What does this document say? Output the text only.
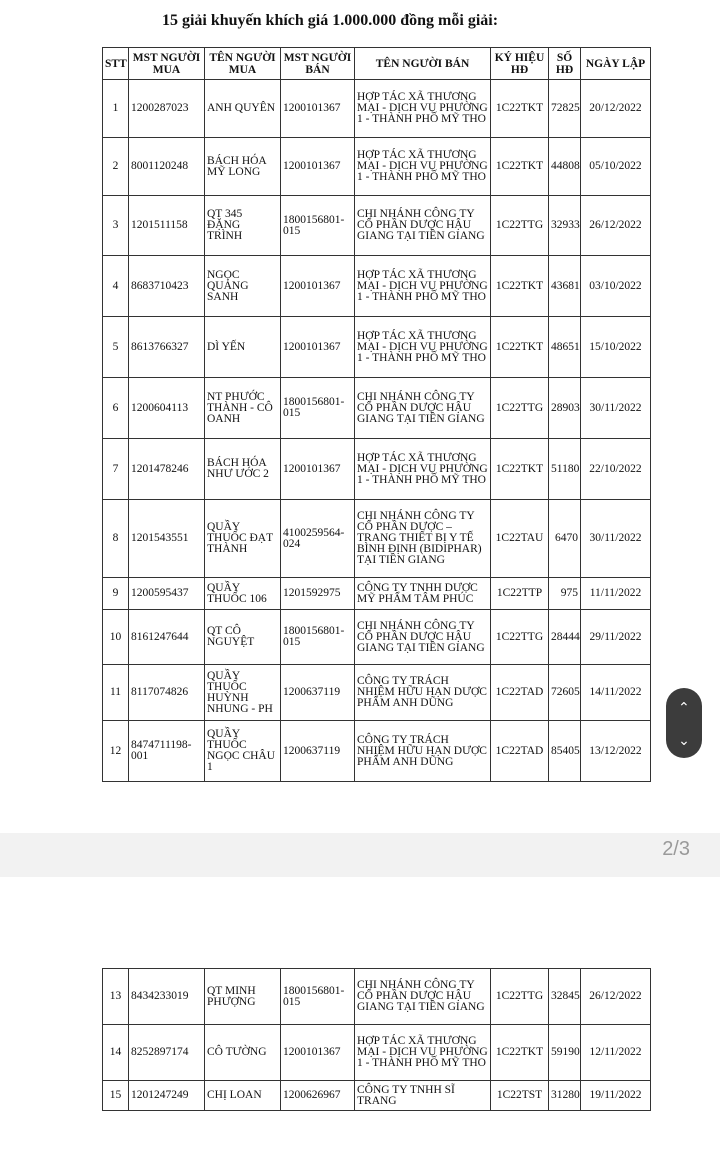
15 giải khuyến khích giá 1.000.000 đồng mỗi giải:
STT	MST NGƯỜI MUA	TÊN NGƯỜI MUA	MST NGƯỜI BÁN	TÊN NGƯỜI BÁN	KÝ HIỆU HĐ	SỐ HĐ	NGÀY LẬP
1	1200287023	ANH QUYÊN	1200101367	HỢP TÁC XÃ THƯƠNG MẠI - DỊCH VỤ PHƯỜNG 1 - THÀNH PHỐ MỸ THO	1C22TKT	72825	20/12/2022
2	8001120248	BÁCH HÓA MỸ LONG	1200101367	HỢP TÁC XÃ THƯƠNG MẠI - DỊCH VỤ PHƯỜNG 1 - THÀNH PHỐ MỸ THO	1C22TKT	44808	05/10/2022
3	1201511158	QT 345 ĐẶNG TRÌNH	1800156801-015	CHI NHÁNH CÔNG TY CỔ PHẦN DƯỢC HẬU GIANG TẠI TIỀN GIANG	1C22TTG	32933	26/12/2022
4	8683710423	NGỌC QUẢNG SANH	1200101367	HỢP TÁC XÃ THƯƠNG MẠI - DỊCH VỤ PHƯỜNG 1 - THÀNH PHỐ MỸ THO	1C22TKT	43681	03/10/2022
5	8613766327	DÌ YẾN	1200101367	HỢP TÁC XÃ THƯƠNG MẠI - DỊCH VỤ PHƯỜNG 1 - THÀNH PHỐ MỸ THO	1C22TKT	48651	15/10/2022
6	1200604113	NT PHƯỚC THÀNH - CÔ OANH	1800156801-015	CHI NHÁNH CÔNG TY CỔ PHẦN DƯỢC HẬU GIANG TẠI TIỀN GIANG	1C22TTG	28903	30/11/2022
7	1201478246	BÁCH HÓA NHƯ ƯỚC 2	1200101367	HỢP TÁC XÃ THƯƠNG MẠI - DỊCH VỤ PHƯỜNG 1 - THÀNH PHỐ MỸ THO	1C22TKT	51180	22/10/2022
8	1201543551	QUẦY THUỐC ĐẠT THÀNH	4100259564-024	CHI NHÁNH CÔNG TY CỔ PHẦN DƯỢC – TRANG THIẾT BỊ Y TẾ BÌNH ĐỊNH (BIDIPHAR) TẠI TIỀN GIANG	1C22TAU	6470	30/11/2022
9	1200595437	QUẦY THUỐC 106	1201592975	CÔNG TY TNHH DƯỢC MỸ PHẨM TÂM PHÚC	1C22TTP	975	11/11/2022
10	8161247644	QT CÔ NGUYỆT	1800156801-015	CHI NHÁNH CÔNG TY CỔ PHẦN DƯỢC HẬU GIANG TẠI TIỀN GIANG	1C22TTG	28444	29/11/2022
11	8117074826	QUẦY THUỐC HUỲNH NHUNG - PH	1200637119	CÔNG TY TRÁCH NHIỆM HỮU HẠN DƯỢC PHẨM ANH DŨNG	1C22TAD	72605	14/11/2022
12	8474711198-001	QUẦY THUỐC NGỌC CHÂU 1	1200637119	CÔNG TY TRÁCH NHIỆM HỮU HẠN DƯỢC PHẨM ANH DŨNG	1C22TAD	85405	13/12/2022
⌄
⌄
2/3
13	8434233019	QT MINH PHƯỢNG	1800156801-015	CHI NHÁNH CÔNG TY CỔ PHẦN DƯỢC HẬU GIANG TẠI TIỀN GIANG	1C22TTG	32845	26/12/2022
14	8252897174	CÔ TƯỜNG	1200101367	HỢP TÁC XÃ THƯƠNG MẠI - DỊCH VỤ PHƯỜNG 1 - THÀNH PHỐ MỸ THO	1C22TKT	59190	12/11/2022
15	1201247249	CHỊ LOAN	1200626967	CÔNG TY TNHH SĨ TRANG	1C22TST	31280	19/11/2022
